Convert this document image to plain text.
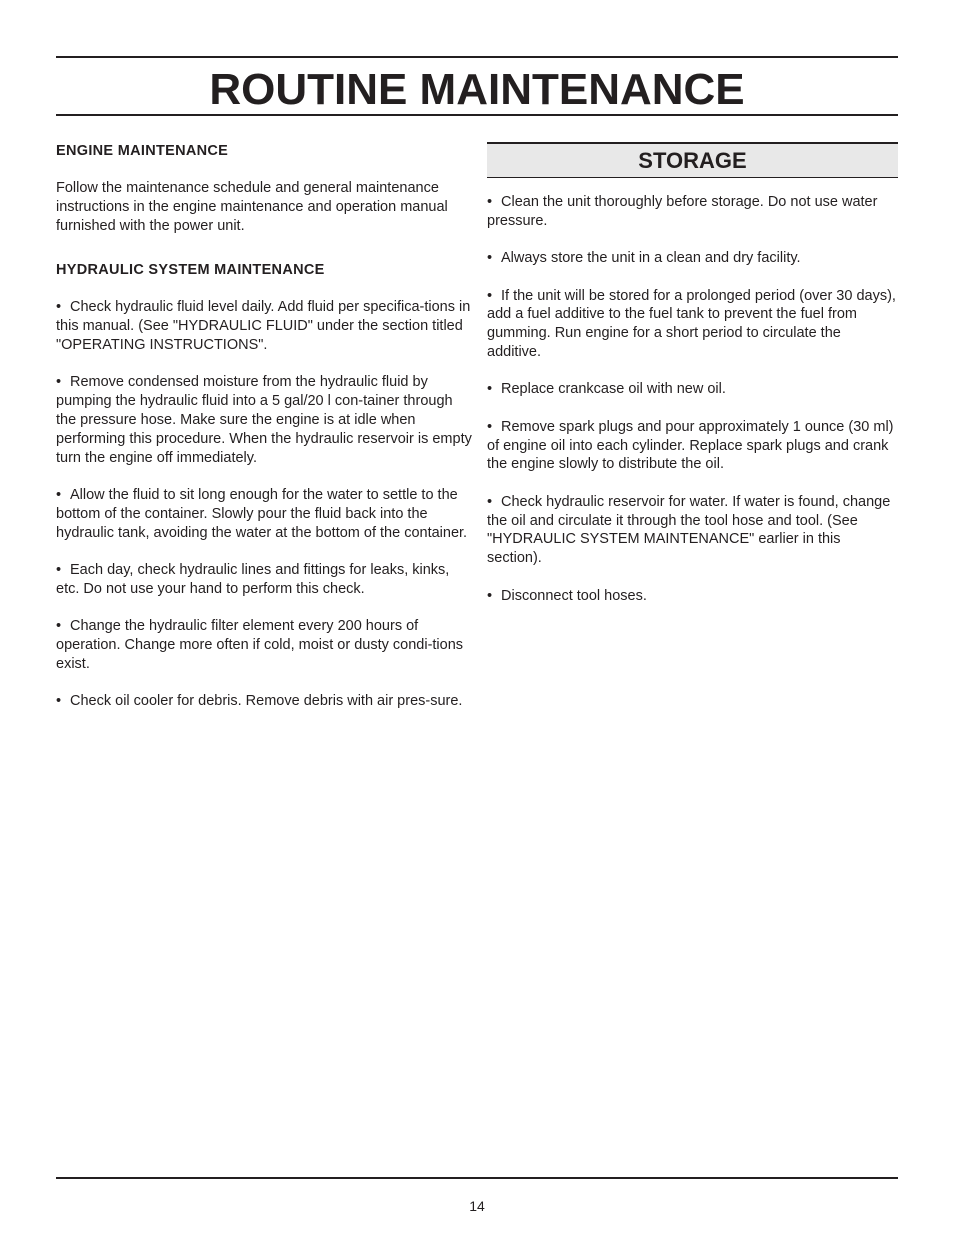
ROUTINE MAINTENANCE
ENGINE MAINTENANCE

Follow the maintenance schedule and general maintenance instructions in the engine maintenance and operation manual furnished with the power unit.

HYDRAULIC SYSTEM MAINTENANCE

• Check hydraulic fluid level daily. Add fluid per specifica-tions in this manual. (See "HYDRAULIC FLUID" under the section titled "OPERATING INSTRUCTIONS".

• Remove condensed moisture from the hydraulic fluid by pumping the hydraulic fluid into a 5 gal/20 l con-tainer through the pressure hose. Make sure the engine is at idle when performing this procedure. When the hydraulic reservoir is empty turn the engine off immediately.

• Allow the fluid to sit long enough for the water to settle to the bottom of the container. Slowly pour the fluid back into the hydraulic tank, avoiding the water at the bottom of the container.

• Each day, check hydraulic lines and fittings for leaks, kinks, etc. Do not use your hand to perform this check.

• Change the hydraulic filter element every 200 hours of operation. Change more often if cold, moist or dusty condi-tions exist.

• Check oil cooler for debris. Remove debris with air pres-sure.

STORAGE

• Clean the unit thoroughly before storage. Do not use water pressure.

• Always store the unit in a clean and dry facility.

• If the unit will be stored for a prolonged period (over 30 days), add a fuel additive to the fuel tank to prevent the fuel from gumming. Run engine for a short period to circulate the additive.

• Replace crankcase oil with new oil.

• Remove spark plugs and pour approximately 1 ounce (30 ml) of engine oil into each cylinder. Replace spark plugs and crank the engine slowly to distribute the oil.

• Check hydraulic reservoir for water. If water is found, change the oil and circulate it through the tool hose and tool. (See "HYDRAULIC SYSTEM MAINTENANCE" earlier in this section).

• Disconnect tool hoses.

14
